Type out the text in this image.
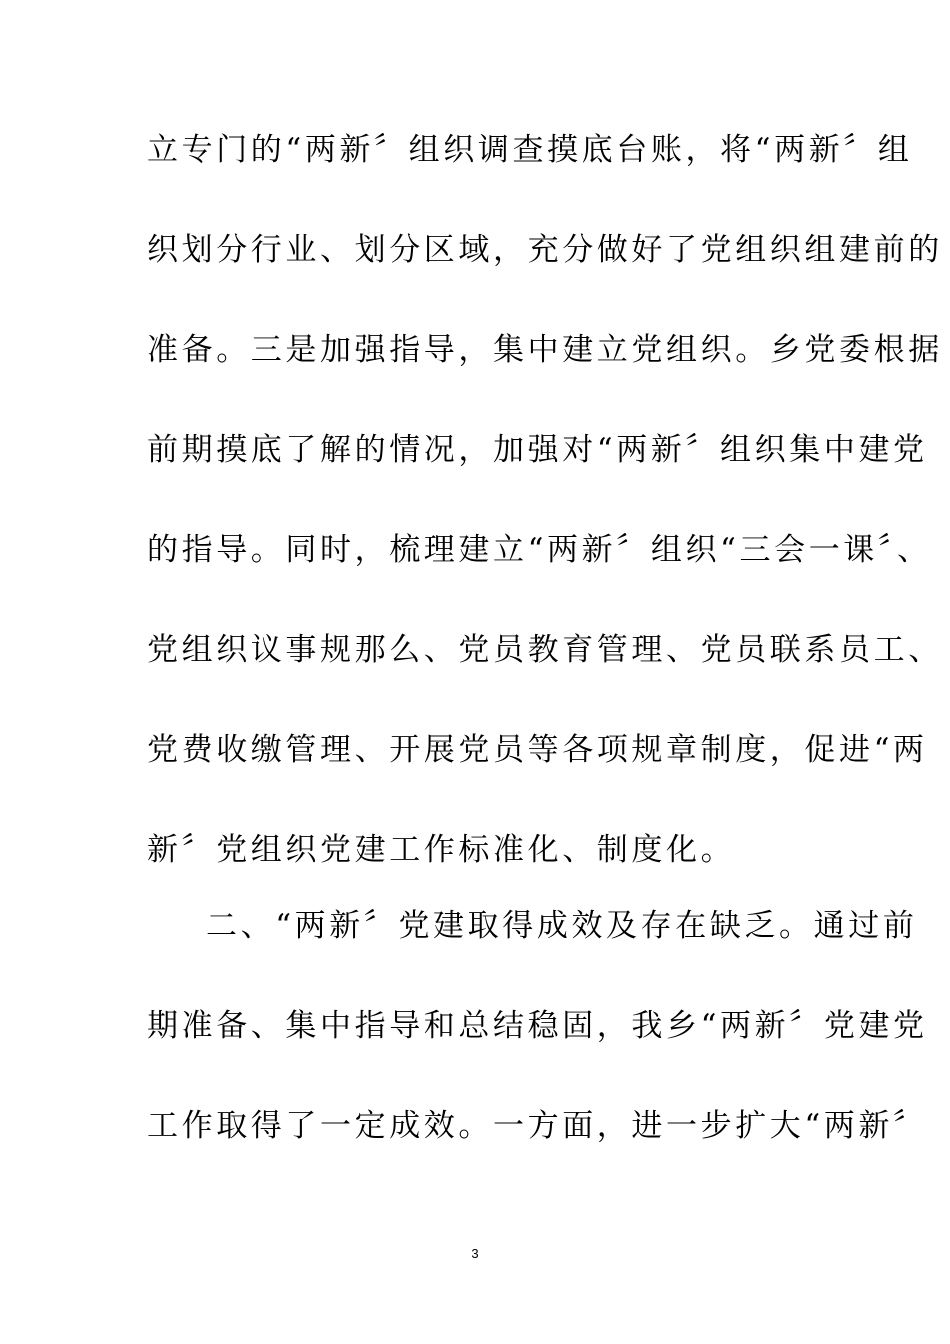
立专门的“两新〞组织调查摸底台账，将“两新〞组
织划分行业、划分区域，充分做好了党组织组建前的
准备。三是加强指导，集中建立党组织。乡党委根据
前期摸底了解的情况，加强对“两新〞组织集中建党
的指导。同时，梳理建立“两新〞组织“三会一课〞、
党组织议事规那么、党员教育管理、党员联系员工、
党费收缴管理、开展党员等各项规章制度，促进“两
新〞党组织党建工作标准化、制度化。
二、“两新〞党建取得成效及存在缺乏。通过前
期准备、集中指导和总结稳固，我乡“两新〞党建党
工作取得了一定成效。一方面，进一步扩大“两新〞
3
